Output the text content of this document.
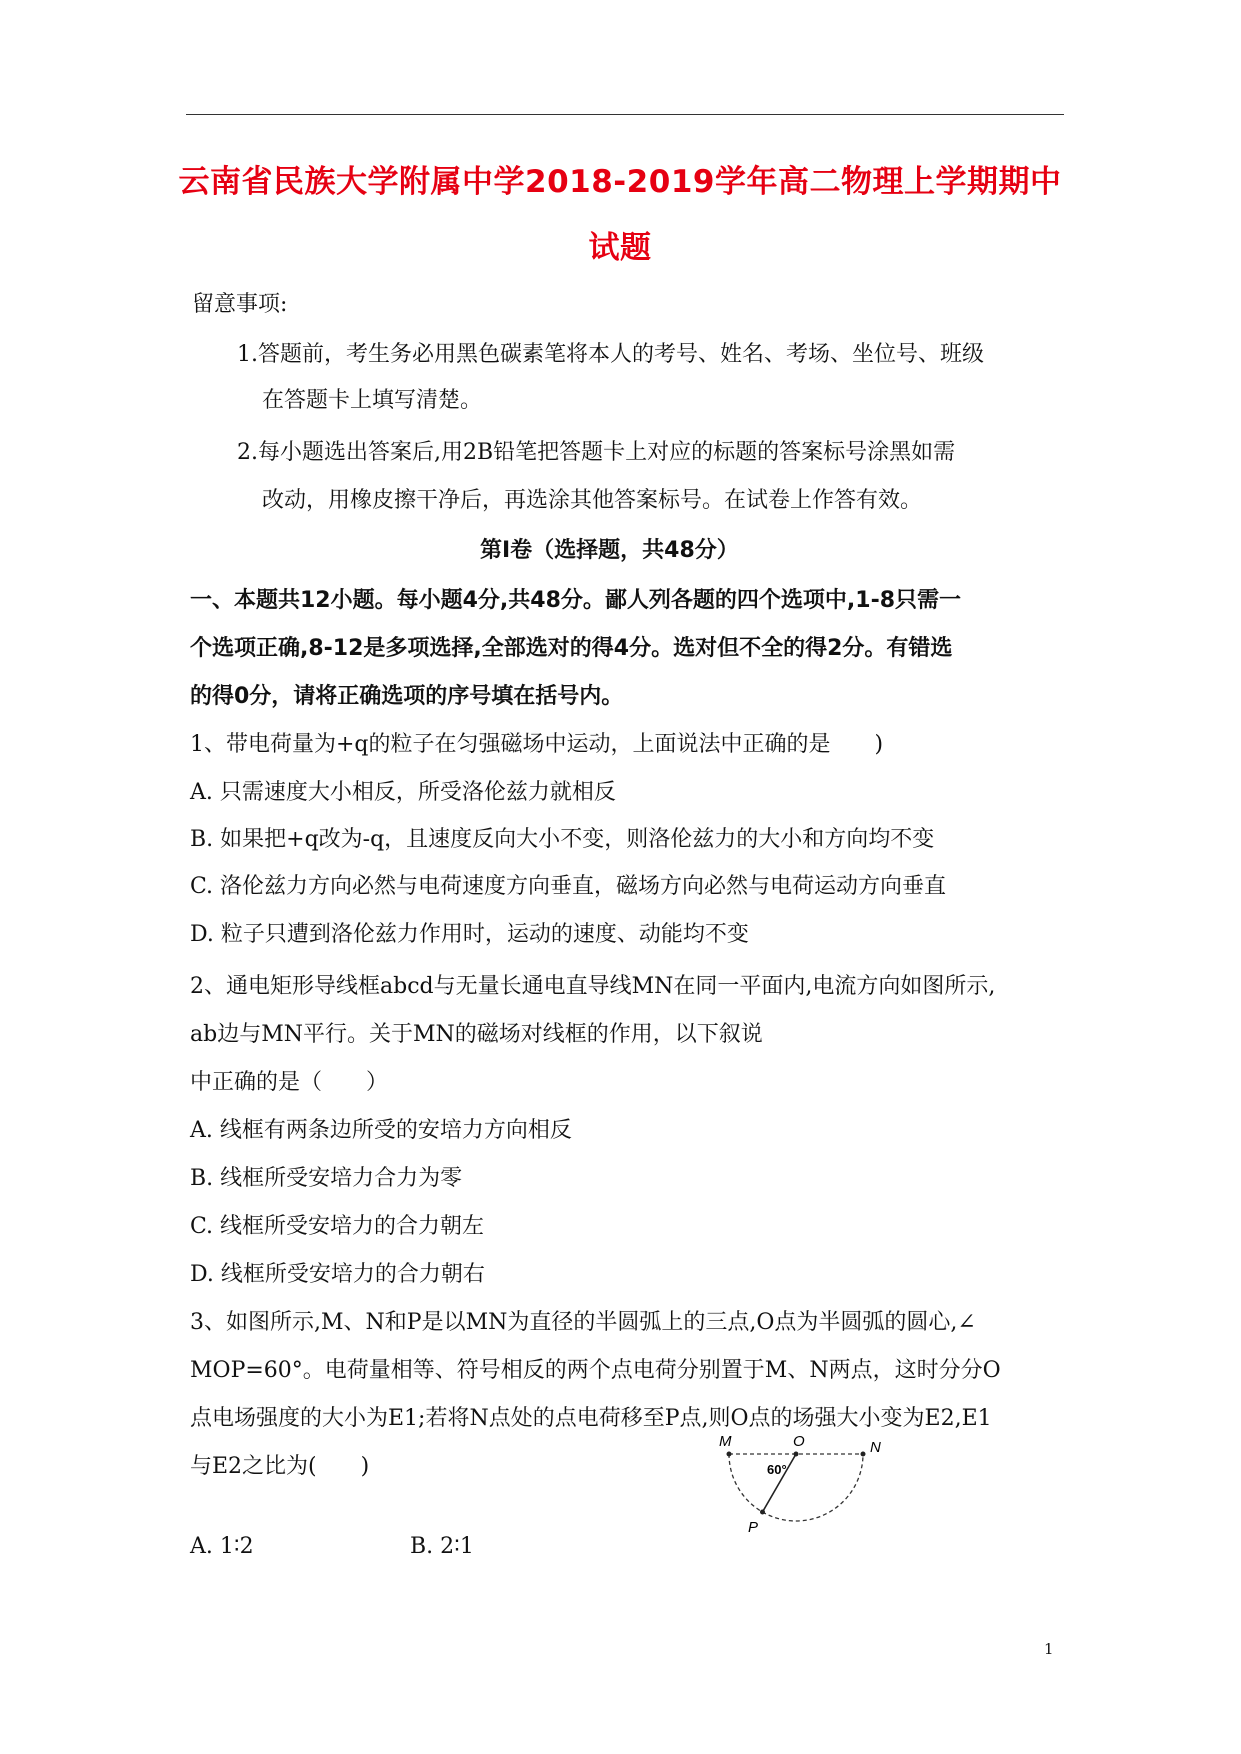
云南省民族大学附属中学2018-2019学年高二物理上学期期中
试题
留意事项:
1.答题前，考生务必用黑色碳素笔将本人的考号、姓名、考场、坐位号、班级
在答题卡上填写清楚。
2.每小题选出答案后,用2B铅笔把答题卡上对应的标题的答案标号涂黑如需
改动，用橡皮擦干净后，再选涂其他答案标号。在试卷上作答有效。
第Ⅰ卷（选择题，共48分）
一、本题共12小题。每小题4分,共48分。鄙人列各题的四个选项中,1-8只需一
个选项正确,8-12是多项选择,全部选对的得4分。选对但不全的得2分。有错选
的得0分，请将正确选项的序号填在括号内。
1、带电荷量为+q的粒子在匀强磁场中运动，上面说法中正确的是　　)
A. 只需速度大小相反，所受洛伦兹力就相反
B. 如果把+q改为-q，且速度反向大小不变，则洛伦兹力的大小和方向均不变
C. 洛伦兹力方向必然与电荷速度方向垂直，磁场方向必然与电荷运动方向垂直
D. 粒子只遭到洛伦兹力作用时，运动的速度、动能均不变
2、通电矩形导线框abcd与无量长通电直导线MN在同一平面内,电流方向如图所示,
ab边与MN平行。关于MN的磁场对线框的作用，以下叙说
中正确的是（　　）
A. 线框有两条边所受的安培力方向相反
B. 线框所受安培力合力为零
C. 线框所受安培力的合力朝左
D. 线框所受安培力的合力朝右
3、如图所示,M、N和P是以MN为直径的半圆弧上的三点,O点为半圆弧的圆心,∠
MOP=60°。电荷量相等、符号相反的两个点电荷分别置于M、N两点，这时分分O
点电场强度的大小为E1;若将N点处的点电荷移至P点,则O点的场强大小变为E2,E1
与E2之比为(　　)
M	O	N
P
60°
A. 1∶2	B. 2∶1
1
